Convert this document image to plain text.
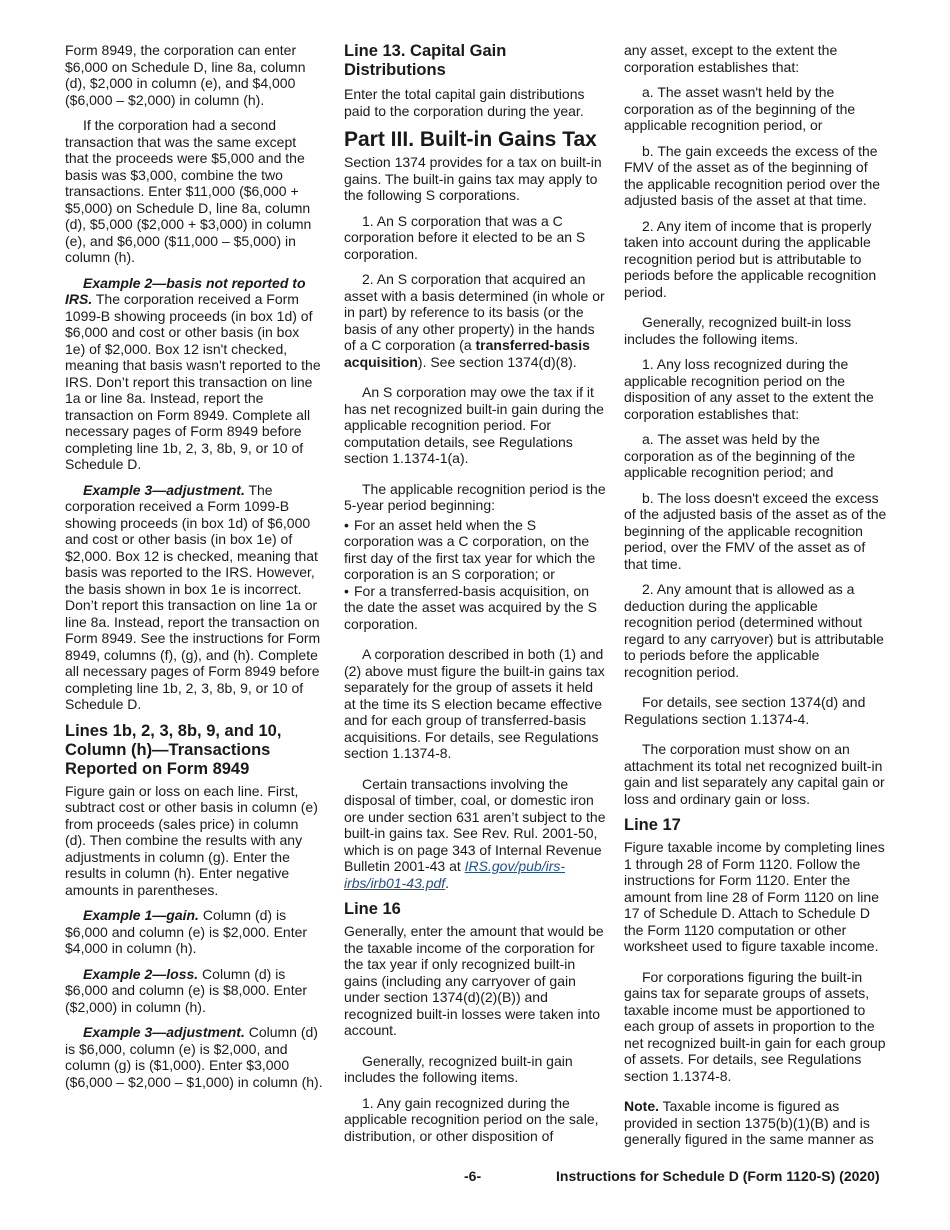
Form 8949, the corporation can enter $6,000 on Schedule D, line 8a, column (d), $2,000 in column (e), and $4,000 ($6,000 – $2,000) in column (h).

If the corporation had a second transaction that was the same except that the proceeds were $5,000 and the basis was $3,000, combine the two transactions. Enter $11,000 ($6,000 + $5,000) on Schedule D, line 8a, column (d), $5,000 ($2,000 + $3,000) in column (e), and $6,000 ($11,000 – $5,000) in column (h).

Example 2—basis not reported to IRS. The corporation received a Form 1099-B showing proceeds (in box 1d) of $6,000 and cost or other basis (in box 1e) of $2,000. Box 12 isn't checked, meaning that basis wasn't reported to the IRS. Don’t report this transaction on line 1a or line 8a. Instead, report the transaction on Form 8949. Complete all necessary pages of Form 8949 before completing line 1b, 2, 3, 8b, 9, or 10 of Schedule D.

Example 3—adjustment. The corporation received a Form 1099-B showing proceeds (in box 1d) of $6,000 and cost or other basis (in box 1e) of $2,000. Box 12 is checked, meaning that basis was reported to the IRS. However, the basis shown in box 1e is incorrect. Don’t report this transaction on line 1a or line 8a. Instead, report the transaction on Form 8949. See the instructions for Form 8949, columns (f), (g), and (h). Complete all necessary pages of Form 8949 before completing line 1b, 2, 3, 8b, 9, or 10 of Schedule D.

Lines 1b, 2, 3, 8b, 9, and 10, Column (h)—Transactions Reported on Form 8949

Figure gain or loss on each line. First, subtract cost or other basis in column (e) from proceeds (sales price) in column (d). Then combine the results with any adjustments in column (g). Enter the results in column (h). Enter negative amounts in parentheses.

Example 1—gain. Column (d) is $6,000 and column (e) is $2,000. Enter $4,000 in column (h).

Example 2—loss. Column (d) is $6,000 and column (e) is $8,000. Enter ($2,000) in column (h).

Example 3—adjustment. Column (d) is $6,000, column (e) is $2,000, and column (g) is ($1,000). Enter $3,000 ($6,000 – $2,000 – $1,000) in column (h).

Line 13. Capital Gain Distributions

Enter the total capital gain distributions paid to the corporation during the year.

Part III. Built-in Gains Tax

Section 1374 provides for a tax on built-in gains. The built-in gains tax may apply to the following S corporations.

1. An S corporation that was a C corporation before it elected to be an S corporation.

2. An S corporation that acquired an asset with a basis determined (in whole or in part) by reference to its basis (or the basis of any other property) in the hands of a C corporation (a transferred-basis acquisition). See section 1374(d)(8).

An S corporation may owe the tax if it has net recognized built-in gain during the applicable recognition period. For computation details, see Regulations section 1.1374-1(a).

The applicable recognition period is the 5-year period beginning:

• For an asset held when the S corporation was a C corporation, on the first day of the first tax year for which the corporation is an S corporation; or

• For a transferred-basis acquisition, on the date the asset was acquired by the S corporation.

A corporation described in both (1) and (2) above must figure the built-in gains tax separately for the group of assets it held at the time its S election became effective and for each group of transferred-basis acquisitions. For details, see Regulations section 1.1374-8.

Certain transactions involving the disposal of timber, coal, or domestic iron ore under section 631 aren’t subject to the built-in gains tax. See Rev. Rul. 2001-50, which is on page 343 of Internal Revenue Bulletin 2001-43 at IRS.gov/pub/irs-irbs/irb01-43.pdf.

Line 16

Generally, enter the amount that would be the taxable income of the corporation for the tax year if only recognized built-in gains (including any carryover of gain under section 1374(d)(2)(B)) and recognized built-in losses were taken into account.

Generally, recognized built-in gain includes the following items.

1. Any gain recognized during the applicable recognition period on the sale, distribution, or other disposition of

any asset, except to the extent the corporation establishes that:

a. The asset wasn't held by the corporation as of the beginning of the applicable recognition period, or

b. The gain exceeds the excess of the FMV of the asset as of the beginning of the applicable recognition period over the adjusted basis of the asset at that time.

2. Any item of income that is properly taken into account during the applicable recognition period but is attributable to periods before the applicable recognition period.

Generally, recognized built-in loss includes the following items.

1. Any loss recognized during the applicable recognition period on the disposition of any asset to the extent the corporation establishes that:

a. The asset was held by the corporation as of the beginning of the applicable recognition period; and

b. The loss doesn't exceed the excess of the adjusted basis of the asset as of the beginning of the applicable recognition period, over the FMV of the asset as of that time.

2. Any amount that is allowed as a deduction during the applicable recognition period (determined without regard to any carryover) but is attributable to periods before the applicable recognition period.

For details, see section 1374(d) and Regulations section 1.1374-4.

The corporation must show on an attachment its total net recognized built-in gain and list separately any capital gain or loss and ordinary gain or loss.

Line 17

Figure taxable income by completing lines 1 through 28 of Form 1120. Follow the instructions for Form 1120. Enter the amount from line 28 of Form 1120 on line 17 of Schedule D. Attach to Schedule D the Form 1120 computation or other worksheet used to figure taxable income.

For corporations figuring the built-in gains tax for separate groups of assets, taxable income must be apportioned to each group of assets in proportion to the net recognized built-in gain for each group of assets. For details, see Regulations section 1.1374-8.

Note. Taxable income is figured as provided in section 1375(b)(1)(B) and is generally figured in the same manner as

-6-	Instructions for Schedule D (Form 1120-S) (2020)
